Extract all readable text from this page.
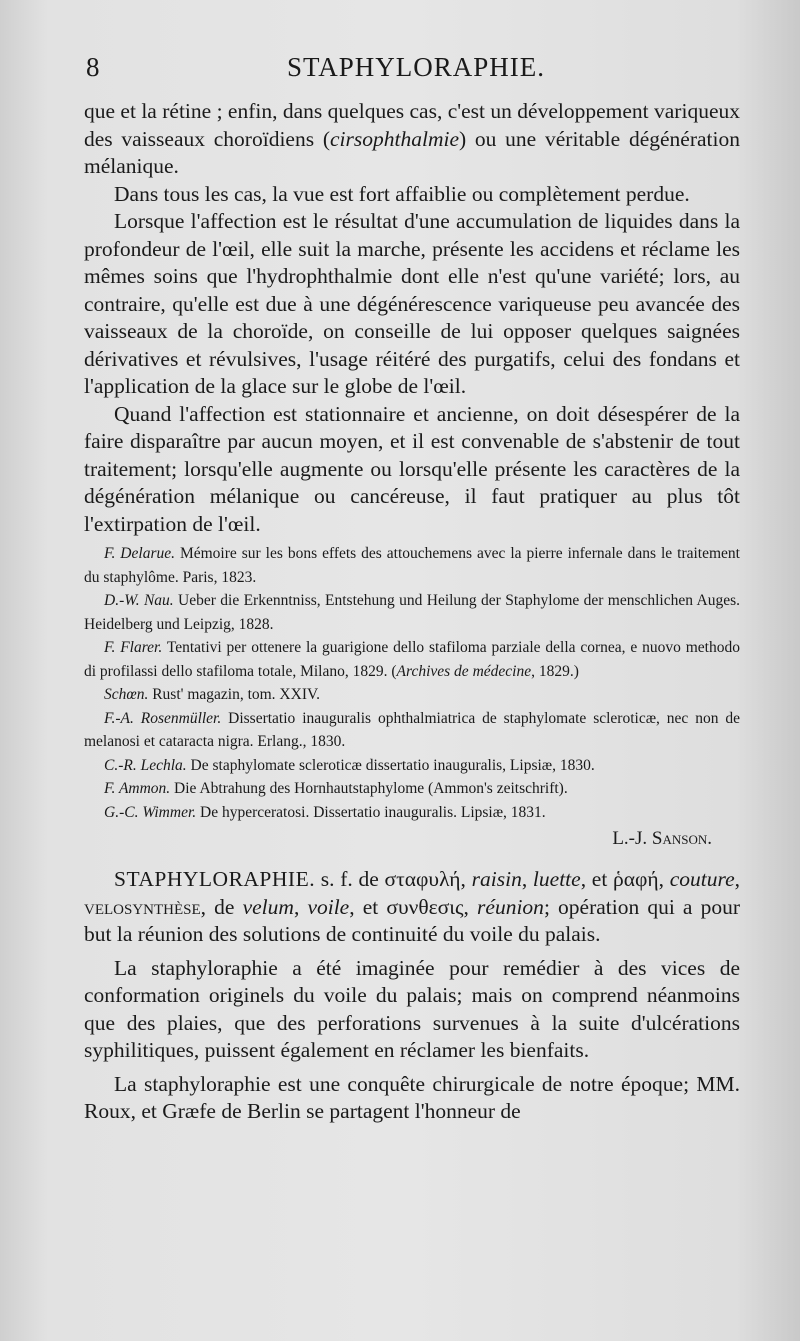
8	STAPHYLORAPHIE.

que et la rétine ; enfin, dans quelques cas, c'est un développement variqueux des vaisseaux choroïdiens (cirsophthalmie) ou une véritable dégénération mélanique.

Dans tous les cas, la vue est fort affaiblie ou complètement perdue.

Lorsque l'affection est le résultat d'une accumulation de liquides dans la profondeur de l'œil, elle suit la marche, présente les accidens et réclame les mêmes soins que l'hydrophthalmie dont elle n'est qu'une variété; lors, au contraire, qu'elle est due à une dégénérescence variqueuse peu avancée des vaisseaux de la choroïde, on conseille de lui opposer quelques saignées dérivatives et révulsives, l'usage réitéré des purgatifs, celui des fondans et l'application de la glace sur le globe de l'œil.

Quand l'affection est stationnaire et ancienne, on doit désespérer de la faire disparaître par aucun moyen, et il est convenable de s'abstenir de tout traitement; lorsqu'elle augmente ou lorsqu'elle présente les caractères de la dégénération mélanique ou cancéreuse, il faut pratiquer au plus tôt l'extirpation de l'œil.

F. Delarue. Mémoire sur les bons effets des attouchemens avec la pierre infernale dans le traitement du staphylôme. Paris, 1823.

D.-W. Nau. Ueber die Erkenntniss, Entstehung und Heilung der Staphylome der menschlichen Auges. Heidelberg und Leipzig, 1828.

F. Flarer. Tentativi per ottenere la guarigione dello stafiloma parziale della cornea, e nuovo methodo di profilassi dello stafiloma totale, Milano, 1829. (Archives de médecine, 1829.)

Schœn. Rust' magazin, tom. XXIV.

F.-A. Rosenmüller. Dissertatio inauguralis ophthalmiatrica de staphylomate scleroticæ, nec non de melanosi et cataracta nigra. Erlang., 1830.

C.-R. Lechla. De staphylomate scleroticæ dissertatio inauguralis, Lipsiæ, 1830.

F. Ammon. Die Abtrahung des Hornhautstaphylome (Ammon's zeitschrift).

G.-C. Wimmer. De hyperceratosi. Dissertatio inauguralis. Lipsiæ, 1831.

L.-J. Sanson.

STAPHYLORAPHIE. s. f. de σταφυλή, raisin, luette, et ῥαφή, couture, velosynthèse, de velum, voile, et συνθεσις, réunion; opération qui a pour but la réunion des solutions de continuité du voile du palais.

La staphyloraphie a été imaginée pour remédier à des vices de conformation originels du voile du palais; mais on comprend néanmoins que des plaies, que des perforations survenues à la suite d'ulcérations syphilitiques, puissent également en réclamer les bienfaits.

La staphyloraphie est une conquête chirurgicale de notre époque; MM. Roux, et Græfe de Berlin se partagent l'honneur de
